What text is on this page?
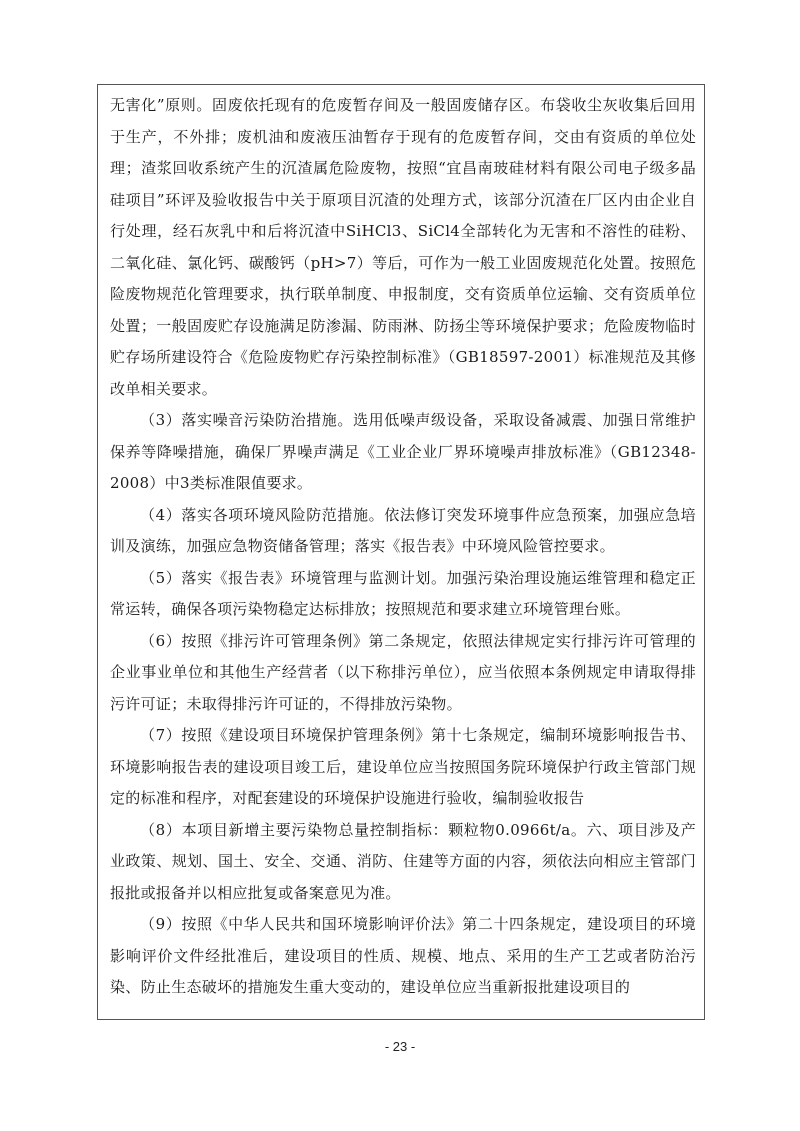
无害化”原则。固废依托现有的危废暂存间及一般固废储存区。布袋收尘灰收集后回用于生产，不外排；废机油和废液压油暂存于现有的危废暂存间，交由有资质的单位处理；渣浆回收系统产生的沉渣属危险废物，按照“宜昌南玻硅材料有限公司电子级多晶硅项目”环评及验收报告中关于原项目沉渣的处理方式，该部分沉渣在厂区内由企业自行处理，经石灰乳中和后将沉渣中SiHCl3、SiCl4全部转化为无害和不溶性的硅粉、二氧化硅、氯化钙、碳酸钙（pH>7）等后，可作为一般工业固废规范化处置。按照危险废物规范化管理要求，执行联单制度、申报制度，交有资质单位运输、交有资质单位处置；一般固废贮存设施满足防渗漏、防雨淋、防扬尘等环境保护要求；危险废物临时贮存场所建设符合《危险废物贮存污染控制标准》（GB18597-2001）标准规范及其修改单相关要求。

（3）落实噪音污染防治措施。选用低噪声级设备，采取设备减震、加强日常维护保养等降噪措施，确保厂界噪声满足《工业企业厂界环境噪声排放标准》（GB12348-2008）中3类标准限值要求。

（4）落实各项环境风险防范措施。依法修订突发环境事件应急预案，加强应急培训及演练，加强应急物资储备管理；落实《报告表》中环境风险管控要求。

（5）落实《报告表》环境管理与监测计划。加强污染治理设施运维管理和稳定正常运转，确保各项污染物稳定达标排放；按照规范和要求建立环境管理台账。

（6）按照《排污许可管理条例》第二条规定，依照法律规定实行排污许可管理的企业事业单位和其他生产经营者（以下称排污单位），应当依照本条例规定申请取得排污许可证；未取得排污许可证的，不得排放污染物。

（7）按照《建设项目环境保护管理条例》第十七条规定，编制环境影响报告书、环境影响报告表的建设项目竣工后，建设单位应当按照国务院环境保护行政主管部门规定的标准和程序，对配套建设的环境保护设施进行验收，编制验收报告

（8）本项目新增主要污染物总量控制指标：颗粒物0.0966t/a。六、项目涉及产业政策、规划、国土、安全、交通、消防、住建等方面的内容，须依法向相应主管部门报批或报备并以相应批复或备案意见为准。

（9）按照《中华人民共和国环境影响评价法》第二十四条规定，建设项目的环境影响评价文件经批准后，建设项目的性质、规模、地点、采用的生产工艺或者防治污染、防止生态破坏的措施发生重大变动的，建设单位应当重新报批建设项目的

- 23 -
